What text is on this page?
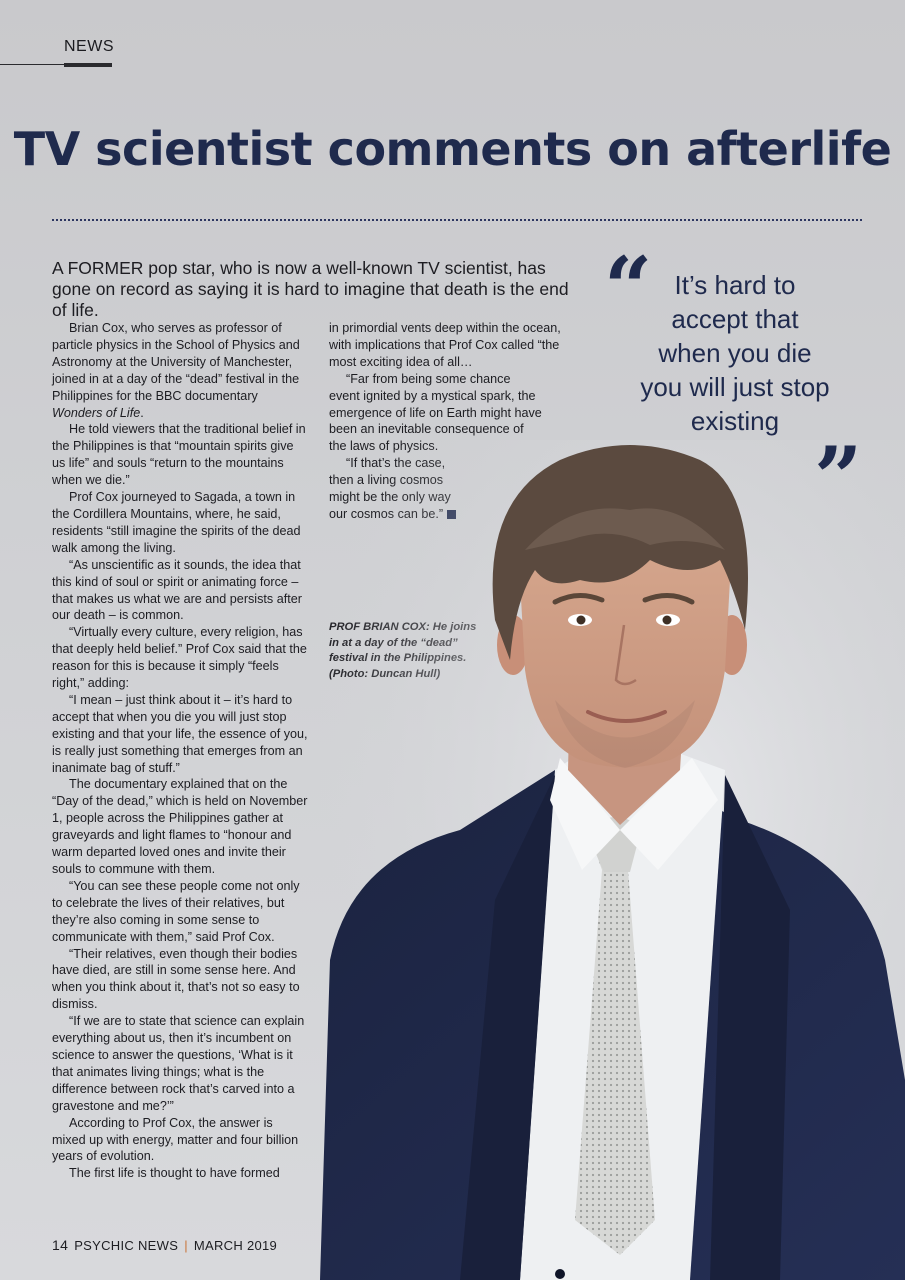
NEWS
TV scientist comments on afterlife
A FORMER pop star, who is now a well-known TV scientist, has gone on record as saying it is hard to imagine that death is the end of life.

Brian Cox, who serves as professor of particle physics in the School of Physics and Astronomy at the University of Manchester, joined in at a day of the “dead” festival in the Philippines for the BBC documentary Wonders of Life.

He told viewers that the traditional belief in the Philippines is that “mountain spirits give us life” and souls “return to the mountains when we die.”

Prof Cox journeyed to Sagada, a town in the Cordillera Mountains, where, he said, residents “still imagine the spirits of the dead walk among the living.

“As unscientific as it sounds, the idea that this kind of soul or spirit or animating force – that makes us what we are and persists after our death – is common.

“Virtually every culture, every religion, has that deeply held belief.” Prof Cox said that the reason for this is because it simply “feels right,” adding:

“I mean – just think about it – it’s hard to accept that when you die you will just stop existing and that your life, the essence of you, is really just something that emerges from an inanimate bag of stuff.”

The documentary explained that on the “Day of the dead,” which is held on November 1, people across the Philippines gather at graveyards and light flames to “honour and warm departed loved ones and invite their souls to commune with them.

“You can see these people come not only to celebrate the lives of their relatives, but they’re also coming in some sense to communicate with them,” said Prof Cox.

“Their relatives, even though their bodies have died, are still in some sense here. And when you think about it, that’s not so easy to dismiss.

“If we are to state that science can explain everything about us, then it’s incumbent on science to answer the questions, ‘What is it that animates living things; what is the difference between rock that’s carved into a gravestone and me?’”

According to Prof Cox, the answer is mixed up with energy, matter and four billion years of evolution.

The first life is thought to have formed

in primordial vents deep within the ocean, with implications that Prof Cox called “the most exciting idea of all…

“Far from being some chance event ignited by a mystical spark, the emergence of life on Earth might have been an inevitable consequence of

“ It’s hard to accept that when you die you will just stop existing
”
14 PSYCHIC NEWS | MARCH 2019
